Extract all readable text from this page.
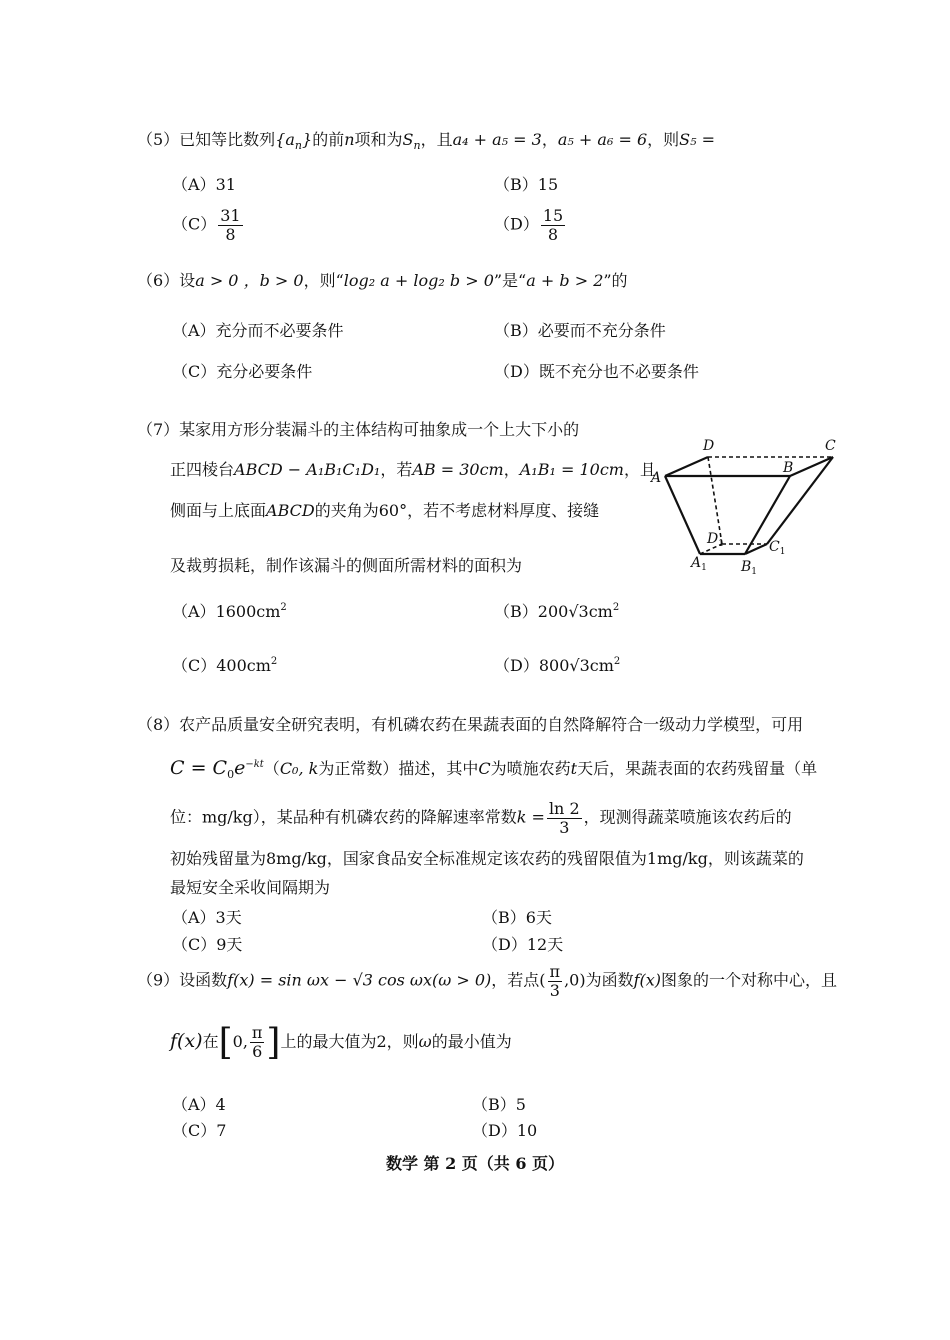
（5）已知等比数列$\{a_n\}$的前n项和为$S_n$，且a₄ + a₅ = 3，a₅ + a₆ = 6，则S₅ =
（A）31	（B）15
$(C) \frac{31}{8}$	$(D) \frac{15}{8}$
（6）设a > 0 ，b > 0，则“log₂ a + log₂ b > 0”是“a + b > 2”的
（A）充分而不必要条件	（B）必要而不充分条件
（C）充分必要条件	（D）既不充分也不必要条件
（7）某家用方形分装漏斗的主体结构可抽象成一个上大下小的
正四棱台ABCD − A₁B₁C₁D₁，若AB = 30cm，A₁B₁ = 10cm，且
侧面与上底面ABCD的夹角为60°，若不考虑材料厚度、接缝
及裁剪损耗，制作该漏斗的侧面所需材料的面积为
D	C
A
B
$D_1$	$C_1$
$A_1$ $B_1$
$(A)1600cm^2$	$(B)200√3cm^2$
$(C)400cm^2$	$(D)800√3cm^2$
（8）农产品质量安全研究表明，有机磷农药在果蔬表面的自然降解符合一级动力学模型，可用
$C = C_0e^{-kt}(C_0$, k为正常数）描述，其中C为喷施农药t天后，果蔬表面的农药残留量（单
位：mg/kg），某品种有机磷农药的降解速率常数$k = \frac{\ln 2}{3}$ ，现测得蔬菜喷施该农药后的
初始残留量为8mg/kg，国家食品安全标准规定该农药的残留限值为1mg/kg，则该蔬菜的
最短安全采收间隔期为
（A）3天	（B）6天
（C）9天	（D）12天
（9）设函数f(x) = sin ωx − √3 cos ωx(ω > 0)，若点( $\frac{\pi}{3} ,0$)为函数f(x)图象的一个对称中心，且
f(x)在[0, $\frac{\pi}{6}$ ]上的最大值为2，则ω的最小值为
（A）4	（B）5
（C）7	（D）10
数学 第 2 页（共 6 页）
